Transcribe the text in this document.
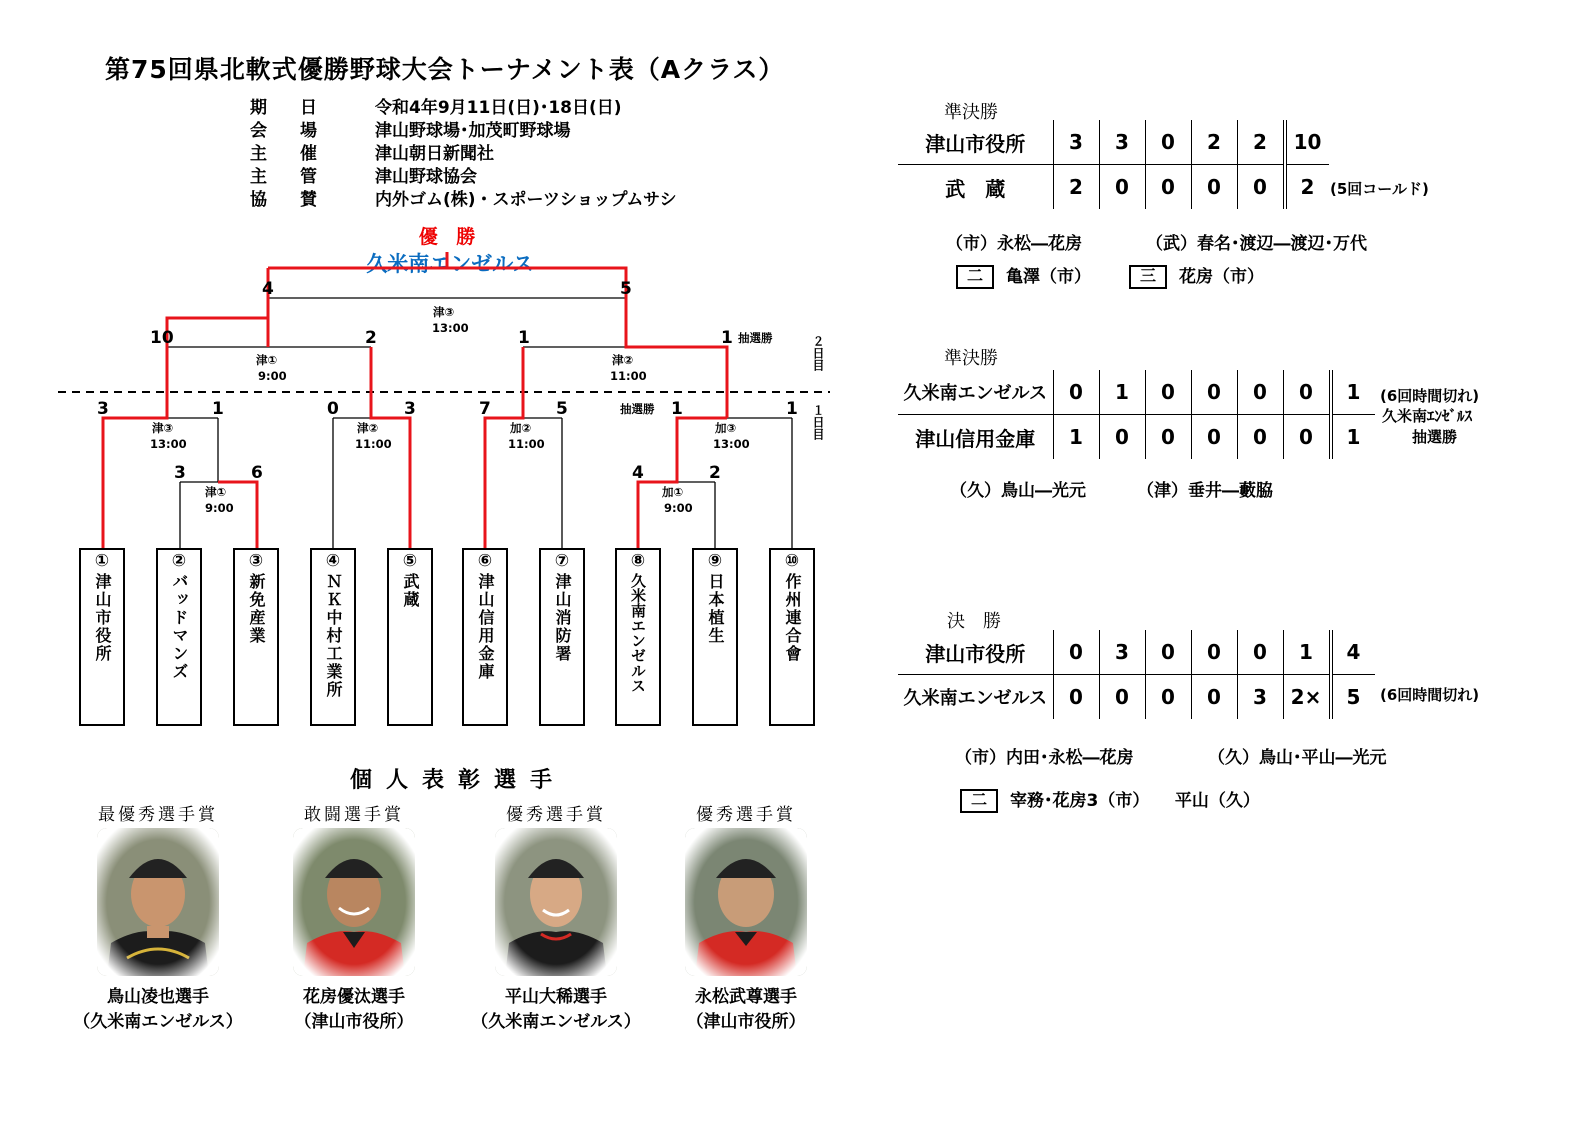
第75回県北軟式優勝野球大会トーナメント表（Aクラス）
期　日	令和4年9月11日(日)･18日(日)
会　場	津山野球場･加茂町野球場
主　催	津山朝日新聞社
主　管	津山野球協会
協　賛	内外ゴム(株)・スポーツショップムサシ
優 勝
久米南エンゼルス
4	5
津③
13:00
10	2
津①
9:00
1	1 抽選勝
津②
11:00
3	1
津③
13:00
0	3
津②
11:00
7	5
加②
11:00
抽選勝 1	1
加③
13:00
3	6
津①
9:00
4	2
加①
9:00
２日目
１日目
①
津山市役所
②
バッドマンズ
③
新免産業
④
ＮＫ中村工業所
⑤
武蔵
⑥
津山信用金庫
⑦
津山消防署
⑧
久米南エンゼルス
⑨
日本植生
⑩
作州連合會
個人表彰選手
最優秀選手賞
鳥山凌也選手
（久米南エンゼルス）
敢闘選手賞
花房優汰選手
（津山市役所）
優秀選手賞
平山大稀選手
（久米南エンゼルス）
優秀選手賞
永松武尊選手
（津山市役所）
準決勝
津山市役所	3	3	0	2	2	10
武　蔵	2	0	0	0	0	2 (5回コールド)
（市）永松―花房	（武）春名･渡辺―渡辺･万代
二 亀澤（市）	三 花房（市）
準決勝
久米南エンゼルス	0	1	0	0	0	0	1
津山信用金庫	1	0	0	0	0	0	1
(6回時間切れ)
久米南ｴﾝｾﾞﾙｽ
抽選勝
（久）鳥山―光元	（津）垂井―藪脇
決　勝
津山市役所	0	3	0	0	0	1	4
久米南エンゼルス	0	0	0	0	3	2×	5 (6回時間切れ)
（市）内田･永松―花房	（久）鳥山･平山―光元
二 宰務･花房3（市）　　平山（久）
